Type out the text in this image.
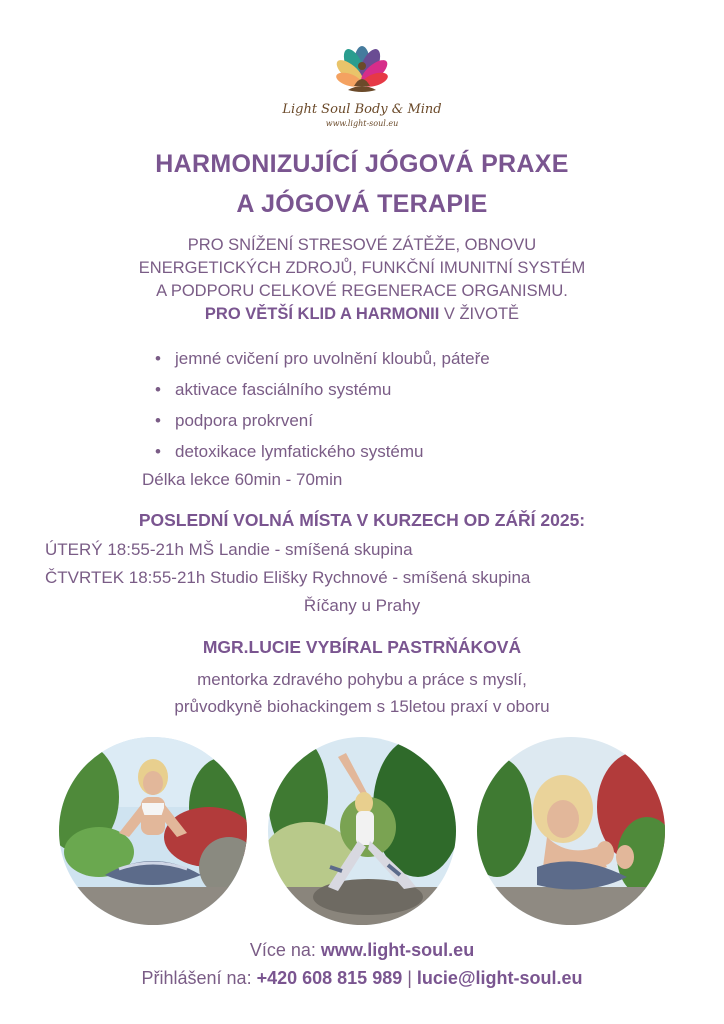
Light Soul Body & Mind
www.light-soul.eu
HARMONIZUJÍCÍ JÓGOVÁ PRAXE
A JÓGOVÁ TERAPIE
PRO SNÍŽENÍ STRESOVÉ ZÁTĚŽE, OBNOVU
ENERGETICKÝCH ZDROJŮ, FUNKČNÍ IMUNITNÍ SYSTÉM
A PODPORU CELKOVÉ REGENERACE ORGANISMU.
PRO VĚTŠÍ KLID A HARMONII V ŽIVOTĚ
• jemné cvičení pro uvolnění kloubů, páteře
• aktivace fasciálního systému
• podpora prokrvení
• detoxikace lymfatického systému
Délka lekce 60min - 70min
POSLEDNÍ VOLNÁ MÍSTA V KURZECH OD ZÁŘÍ 2025:
ÚTERÝ 18:55-21h MŠ Landie - smíšená skupina
ČTVRTEK 18:55-21h Studio Elišky Rychnové - smíšená skupina
Říčany u Prahy
MGR.LUCIE VYBÍRAL PASTRŇÁKOVÁ
mentorka zdravého pohybu a práce s myslí,
průvodkyně biohackingem s 15letou praxí v oboru
Více na: www.light-soul.eu
Přihlášení na: +420 608 815 989 | lucie@light-soul.eu
